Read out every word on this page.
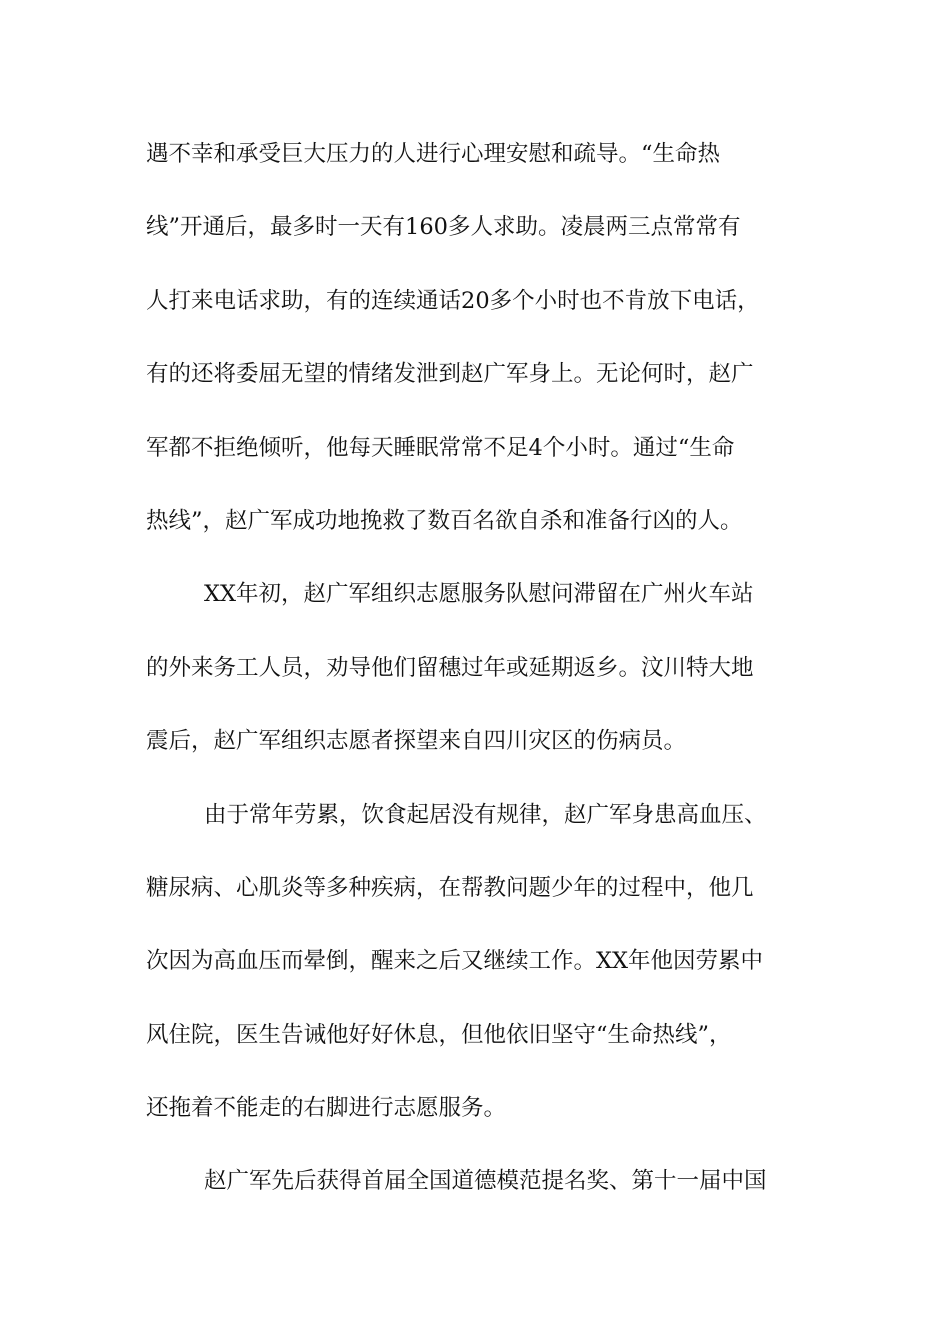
遇不幸和承受巨大压力的人进行心理安慰和疏导。“生命热
线”开通后，最多时一天有160多人求助。凌晨两三点常常有
人打来电话求助，有的连续通话20多个小时也不肯放下电话，
有的还将委屈无望的情绪发泄到赵广军身上。无论何时，赵广
军都不拒绝倾听，他每天睡眠常常不足4个小时。通过“生命
热线”，赵广军成功地挽救了数百名欲自杀和准备行凶的人。
XX年初，赵广军组织志愿服务队慰问滞留在广州火车站
的外来务工人员，劝导他们留穗过年或延期返乡。汶川特大地
震后，赵广军组织志愿者探望来自四川灾区的伤病员。
由于常年劳累，饮食起居没有规律，赵广军身患高血压、
糖尿病、心肌炎等多种疾病，在帮教问题少年的过程中，他几
次因为高血压而晕倒，醒来之后又继续工作。XX年他因劳累中
风住院，医生告诫他好好休息，但他依旧坚守“生命热线”，
还拖着不能走的右脚进行志愿服务。
赵广军先后获得首届全国道德模范提名奖、第十一届中国
